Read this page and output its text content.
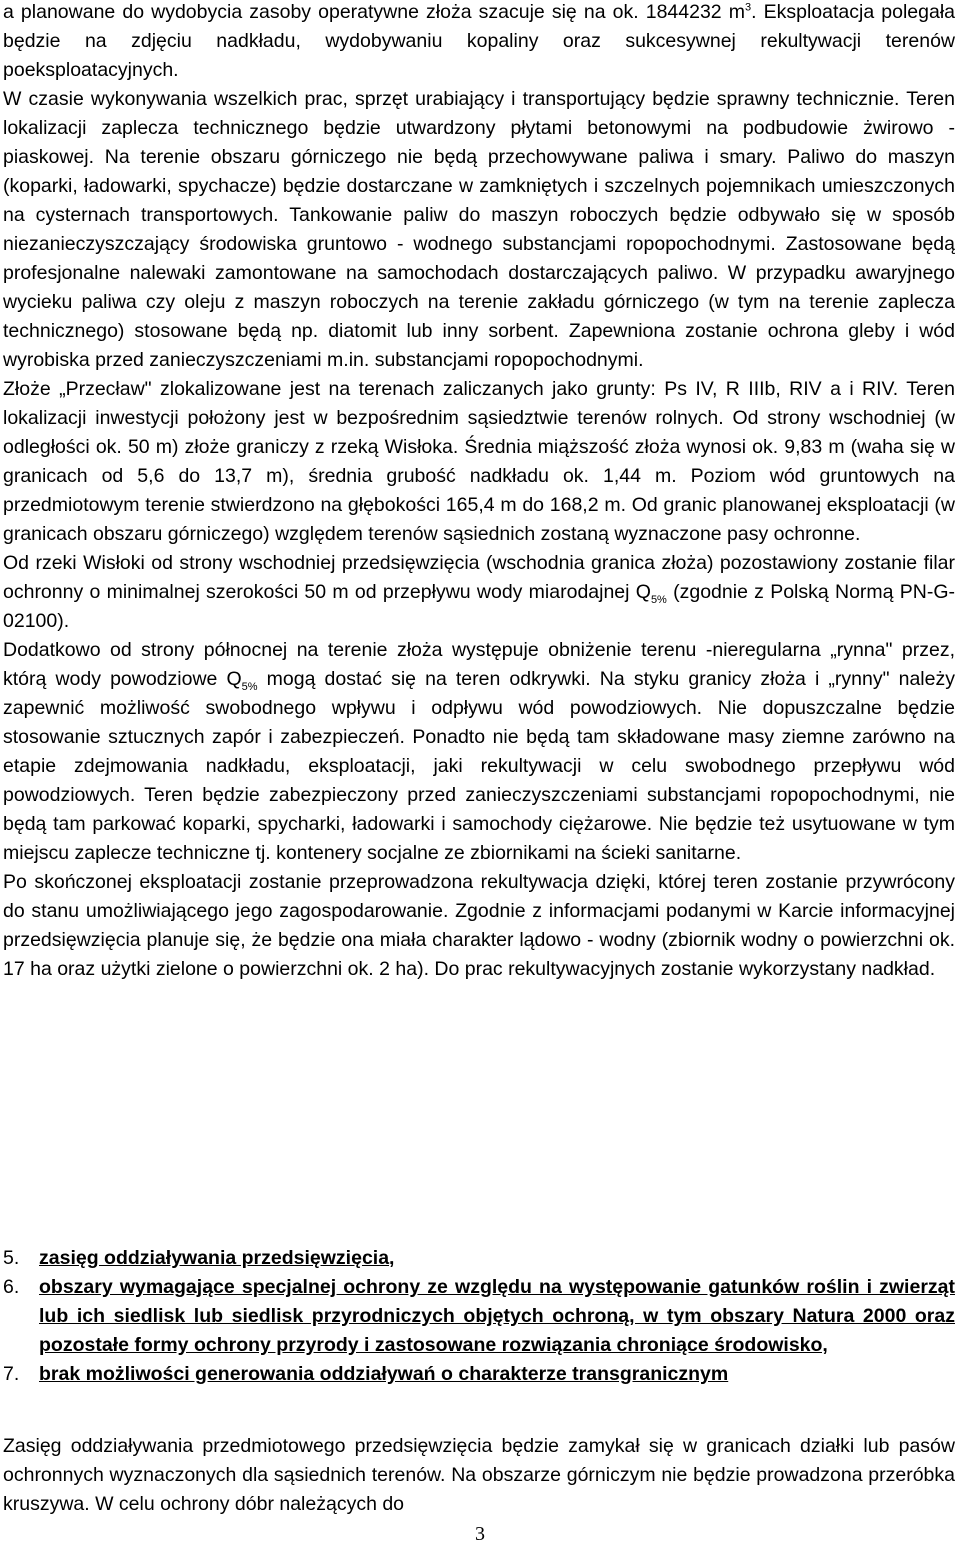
a planowane do wydobycia zasoby operatywne złoża szacuje się na ok. 1844232 $m^3$. Eksploatacja polegała będzie na zdjęciu nadkładu, wydobywaniu kopaliny oraz sukcesywnej rekultywacji terenów poeksploatacyjnych.

W czasie wykonywania wszelkich prac, sprzęt urabiający i transportujący będzie sprawny technicznie. Teren lokalizacji zaplecza technicznego będzie utwardzony płytami betonowymi na podbudowie żwirowo - piaskowej. Na terenie obszaru górniczego nie będą przechowywane paliwa i smary. Paliwo do maszyn (koparki, ładowarki, spychacze) będzie dostarczane w zamkniętych i szczelnych pojemnikach umieszczonych na cysternach transportowych. Tankowanie paliw do maszyn roboczych będzie odbywało się w sposób niezanieczyszczający środowiska gruntowo - wodnego substancjami ropopochodnymi. Zastosowane będą profesjonalne nalewaki zamontowane na samochodach dostarczających paliwo. W przypadku awaryjnego wycieku paliwa czy oleju z maszyn roboczych na terenie zakładu górniczego (w tym na terenie zaplecza technicznego) stosowane będą np. diatomit lub inny sorbent. Zapewniona zostanie ochrona gleby i wód wyrobiska przed zanieczyszczeniami m.in. substancjami ropopochodnymi.

Złoże „Przecław" zlokalizowane jest na terenach zaliczanych jako grunty: Ps IV, R IIIb, RIV a i RIV. Teren lokalizacji inwestycji położony jest w bezpośrednim sąsiedztwie terenów rolnych. Od strony wschodniej (w odległości ok. 50 m) złoże graniczy z rzeką Wisłoka. Średnia miąższość złoża wynosi ok. 9,83 m (waha się w granicach od 5,6 do 13,7 m), średnia grubość nadkładu ok. 1,44 m. Poziom wód gruntowych na przedmiotowym terenie stwierdzono na głębokości 165,4 m do 168,2 m. Od granic planowanej eksploatacji (w granicach obszaru górniczego) względem terenów sąsiednich zostaną wyznaczone pasy ochronne.

Od rzeki Wisłoki od strony wschodniej przedsięwzięcia (wschodnia granica złoża) pozostawiony zostanie filar ochronny o minimalnej szerokości 50 m od przepływu wody miarodajnej $Q_{5\%}$ (zgodnie z Polską Normą PN-G-02100).

Dodatkowo od strony północnej na terenie złoża występuje obniżenie terenu -nieregularna „rynna" przez, którą wody powodziowe $Q_{5\%}$ mogą dostać się na teren odkrywki. Na styku granicy złoża i „rynny" należy zapewnić możliwość swobodnego wpływu i odpływu wód powodziowych. Nie dopuszczalne będzie stosowanie sztucznych zapór i zabezpieczeń. Ponadto nie będą tam składowane masy ziemne zarówno na etapie zdejmowania nadkładu, eksploatacji, jaki rekultywacji w celu swobodnego przepływu wód powodziowych. Teren będzie zabezpieczony przed zanieczyszczeniami substancjami ropopochodnymi, nie będą tam parkować koparki, spycharki, ładowarki i samochody ciężarowe. Nie będzie też usytuowane w tym miejscu zaplecze techniczne tj. kontenery socjalne ze zbiornikami na ścieki sanitarne.

Po skończonej eksploatacji zostanie przeprowadzona rekultywacja dzięki, której teren zostanie przywrócony do stanu umożliwiającego jego zagospodarowanie. Zgodnie z informacjami podanymi w Karcie informacyjnej przedsięwzięcia planuje się, że będzie ona miała charakter lądowo - wodny (zbiornik wodny o powierzchni ok. 17 ha oraz użytki zielone o powierzchni ok. 2 ha). Do prac rekultywacyjnych zostanie wykorzystany nadkład.

5. zasięg oddziaływania przedsięwzięcia,
6. obszary wymagające specjalnej ochrony ze względu na występowanie gatunków roślin i zwierząt lub ich siedlisk lub siedlisk przyrodniczych objętych ochroną, w tym obszary Natura 2000 oraz pozostałe formy ochrony przyrody i zastosowane rozwiązania chroniące środowisko,
7. brak możliwości generowania oddziaływań o charakterze transgranicznym

Zasięg oddziaływania przedmiotowego przedsięwzięcia będzie zamykał się w granicach działki lub pasów ochronnych wyznaczonych dla sąsiednich terenów. Na obszarze górniczym nie będzie prowadzona przeróbka kruszywa. W celu ochrony dóbr należących do

3
